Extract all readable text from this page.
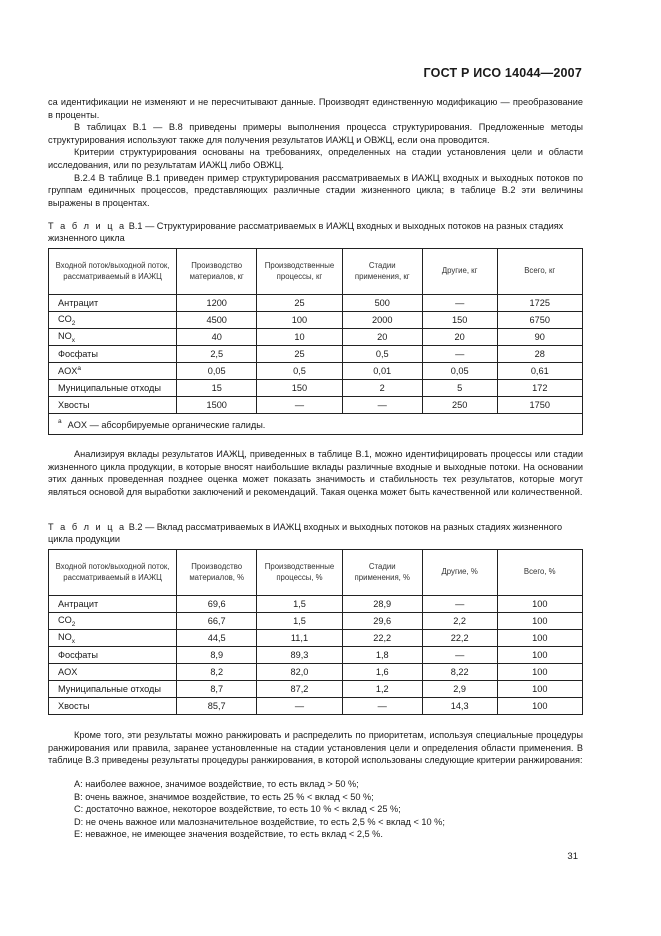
ГОСТ Р ИСО 14044—2007

са идентификации не изменяют и не пересчитывают данные. Производят единственную модификацию — преобразование в проценты.

В таблицах В.1 — В.8 приведены примеры выполнения процесса структурирования. Предложенные методы структурирования используют также для получения результатов ИАЖЦ и ОВЖЦ, если она проводится.

Критерии структурирования основаны на требованиях, определенных на стадии установления цели и области исследования, или по результатам ИАЖЦ либо ОВЖЦ.

В.2.4 В таблице В.1 приведен пример структурирования рассматриваемых в ИАЖЦ входных и выходных потоков по группам единичных процессов, представляющих различные стадии жизненного цикла; в таблице В.2 эти величины выражены в процентах.

Т а б л и ц а В.1 — Структурирование рассматриваемых в ИАЖЦ входных и выходных потоков на разных стадиях жизненного цикла
Входной поток/выходной поток, рассматриваемый в ИАЖЦ	Производство материалов, кг	Производственные процессы, кг	Стадии применения, кг	Другие, кг	Всего, кг
Антрацит	1200	25	500	—	1725
$CO_2$	4500	100	2000	150	6750
$NO_x$	40	10	20	20	90
Фосфаты	2,5	25	0,5	—	28
AOX$^a$	0,05	0,5	0,01	0,05	0,61
Муниципальные отходы	15	150	2	5	172
Хвосты	1500	—	—	250	1750
$^a$ AOX — абсорбируемые органические галиды.					
Анализируя вклады результатов ИАЖЦ, приведенных в таблице В.1, можно идентифицировать процессы или стадии жизненного цикла продукции, в которые вносят наибольшие вклады различные входные и выходные потоки. На основании этих данных проведенная позднее оценка может показать значимость и стабильность тех результатов, которые могут являться основой для выработки заключений и рекомендаций. Такая оценка может быть качественной или количественной.
Т а б л и ц а В.2 — Вклад рассматриваемых в ИАЖЦ входных и выходных потоков на разных стадиях жизненного цикла продукции
Входной поток/выходной поток, рассматриваемый в ИАЖЦ	Производство материалов, %	Производственные процессы, %	Стадии применения, %	Другие, %	Всего, %
Антрацит	69,6	1,5	28,9	—	100
$CO_2$	66,7	1,5	29,6	2,2	100
$NO_x$	44,5	11,1	22,2	22,2	100
Фосфаты	8,9	89,3	1,8	—	100
AOX	8,2	82,0	1,6	8,22	100
Муниципальные отходы	8,7	87,2	1,2	2,9	100
Хвосты	85,7	—	—	14,3	100
Кроме того, эти результаты можно ранжировать и распределить по приоритетам, используя специальные процедуры ранжирования или правила, заранее установленные на стадии установления цели и определения области применения. В таблице В.3 приведены результаты процедуры ранжирования, в которой использованы следующие критерии ранжирования:
А: наиболее важное, значимое воздействие, то есть вклад > 50 %;
B: очень важное, значимое воздействие, то есть 25 % < вклад < 50 %;
C: достаточно важное, некоторое воздействие, то есть 10 % < вклад < 25 %;
D: не очень важное или малозначительное воздействие, то есть 2,5 % < вклад < 10 %;
E: неважное, не имеющее значения воздействие, то есть вклад < 2,5 %.
31
